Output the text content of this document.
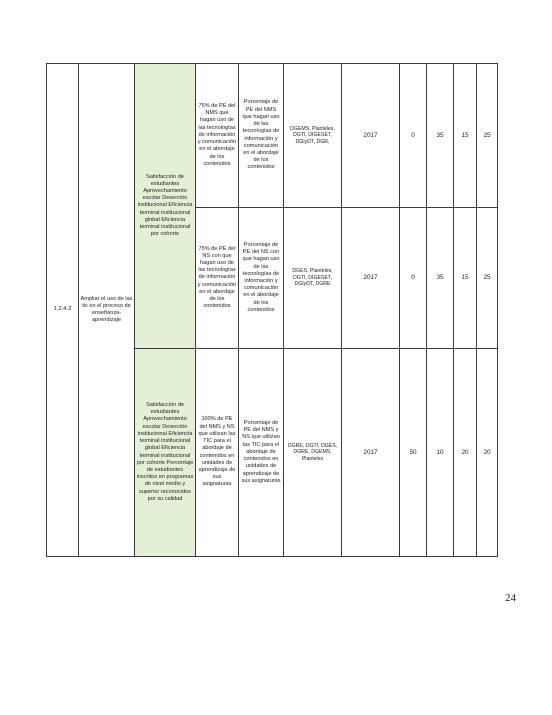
1.2.4.2	Ampliar el uso de las tic en el proceso de enseñanza-aprendizaje	Satisfacción de estudiantes Aprovechamiento escolar Deserción institucional Eficiencia terminal institucional global Eficiencia terminal institucional por cohorte	75% de PE del NMS que hagan uso de las tecnologías de información y comunicación en el abordaje de los contenidos	Porcentaje de PE del NMS que hagan uso de las tecnologías de información y comunicación en el abordaje de los contenidos	DGEMS, Planteles, DGTI, DIGESET, DGIyDT, DGR,	2017	0	35	15	25
			75% de PE del NS con que hagan uso de las tecnologías de información y comunicación en el abordaje de los contenidos	Porcentaje de PE del NS con que hagan uso de las tecnologías de información y comunicación en el abordaje de los contenidos	DGES, Planteles, DGTI, DIGESET, DGIyDT, DGRE	2017	0	35	15	25
		Satisfacción de estudiantes Aprovechamiento escolar Deserción institucional Eficiencia terminal institucional global Eficiencia terminal institucional por cohorte Porcentaje de estudiantes inscritos en programas de nivel medio y superior reconocidos por su calidad	100% de PE del NMS y NS que utilizan las TIC para el abordaje de contenidos en unidades de aprendizaje de sus asignaturas	Porcentaje de PE del NMS y NS que utilizan las TIC para el abordaje de contenidos en unidades de aprendizaje de sus asignaturas	DGRE, DGTI, DGES, DGRE, DGEMS, Planteles	2017	50	10	20	20
24
